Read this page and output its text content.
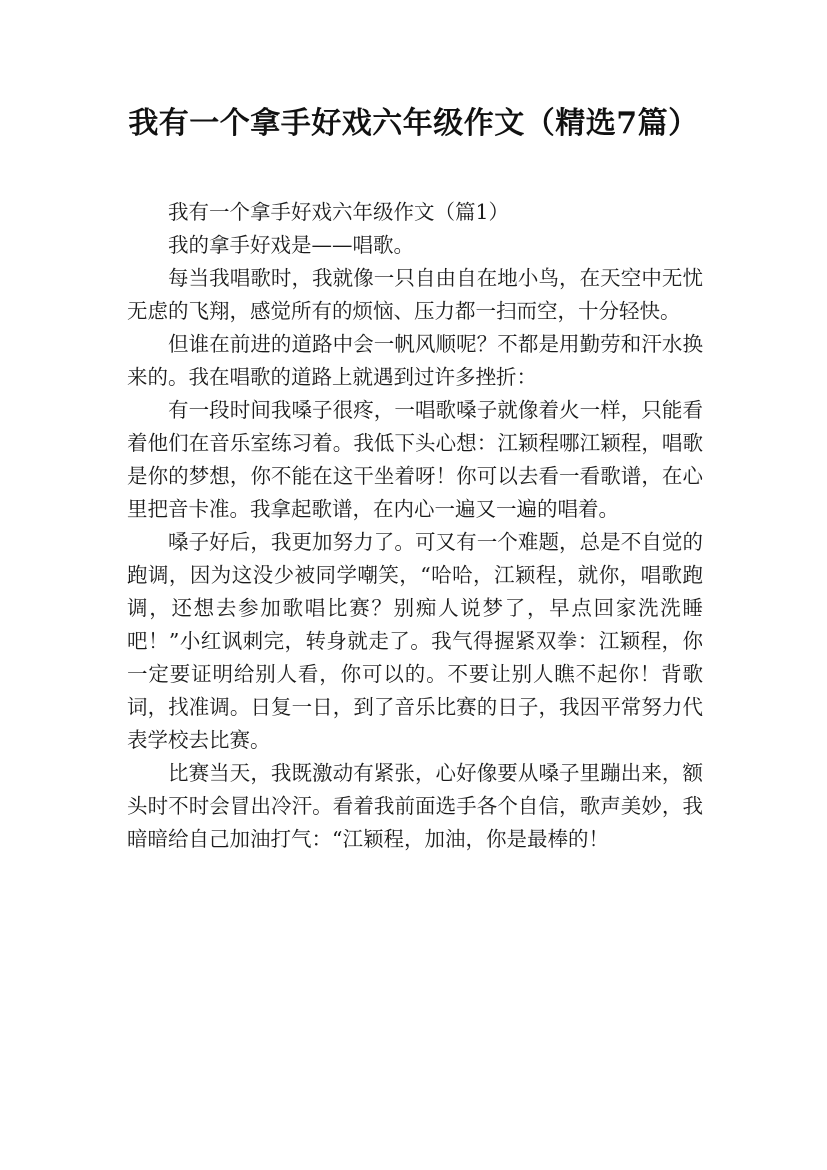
我有一个拿手好戏六年级作文（精选7篇）

我有一个拿手好戏六年级作文（篇1）

我的拿手好戏是——唱歌。

每当我唱歌时，我就像一只自由自在地小鸟，在天空中无忧无虑的飞翔，感觉所有的烦恼、压力都一扫而空，十分轻快。

但谁在前进的道路中会一帆风顺呢？不都是用勤劳和汗水换来的。我在唱歌的道路上就遇到过许多挫折：

有一段时间我嗓子很疼，一唱歌嗓子就像着火一样，只能看着他们在音乐室练习着。我低下头心想：江颖程哪江颖程，唱歌是你的梦想，你不能在这干坐着呀！你可以去看一看歌谱，在心里把音卡准。我拿起歌谱，在内心一遍又一遍的唱着。

嗓子好后，我更加努力了。可又有一个难题，总是不自觉的跑调，因为这没少被同学嘲笑，“哈哈，江颖程，就你，唱歌跑调，还想去参加歌唱比赛？别痴人说梦了，早点回家洗洗睡吧！”小红讽刺完，转身就走了。我气得握紧双拳：江颖程，你一定要证明给别人看，你可以的。不要让别人瞧不起你！背歌词，找准调。日复一日，到了音乐比赛的日子，我因平常努力代表学校去比赛。

比赛当天，我既激动有紧张，心好像要从嗓子里蹦出来，额头时不时会冒出冷汗。看着我前面选手各个自信，歌声美妙，我暗暗给自己加油打气：“江颖程，加油，你是最棒的！
